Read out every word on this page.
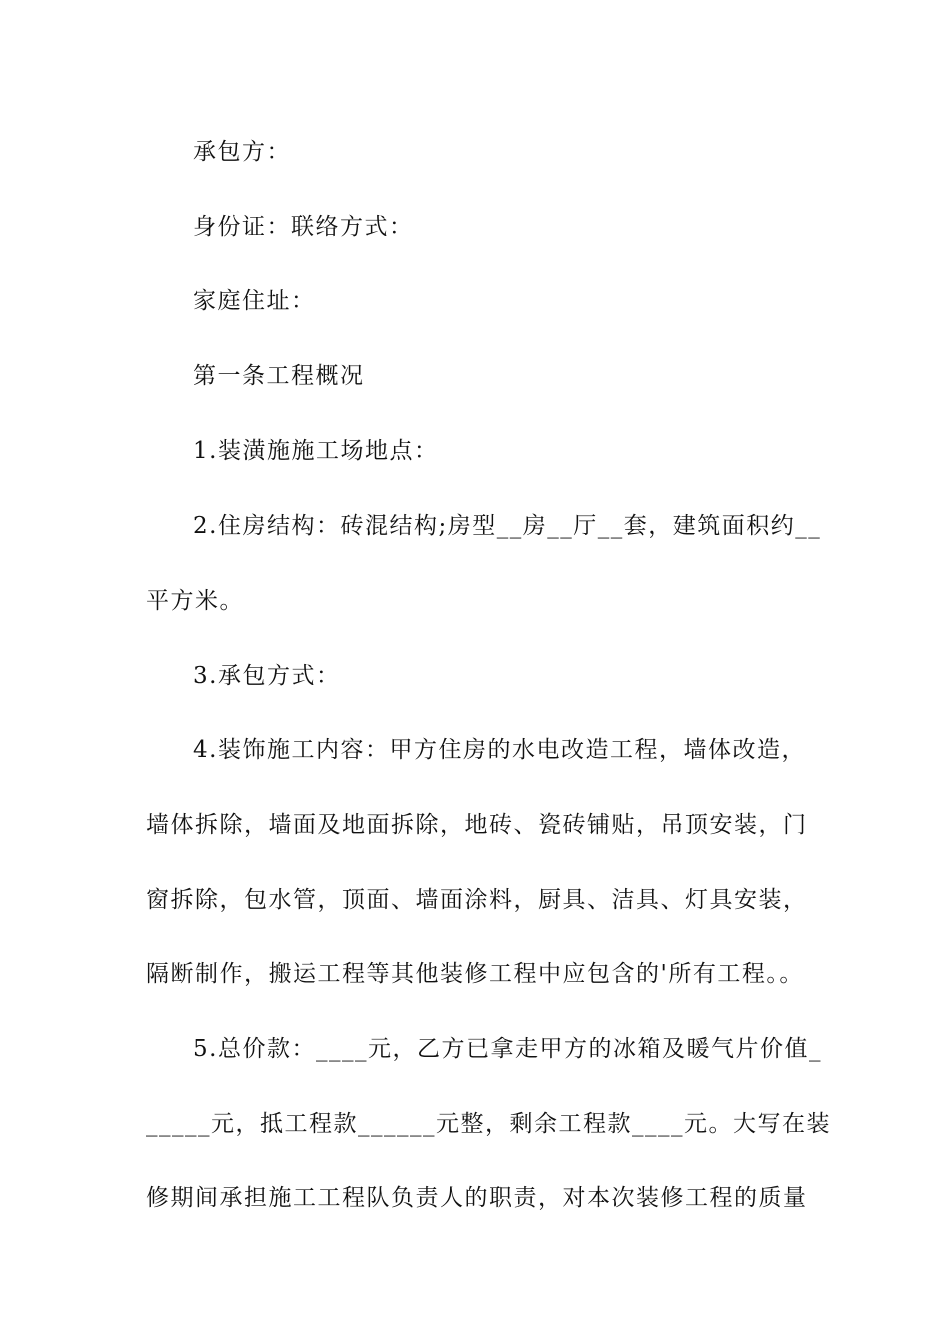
承包方：
身份证：联络方式：
家庭住址：
第一条工程概况
1.装潢施施工场地点：
2.住房结构：砖混结构;房型__房__厅__套，建筑面积约__
平方米。
3.承包方式：
4.装饰施工内容：甲方住房的水电改造工程，墙体改造，
墙体拆除，墙面及地面拆除，地砖、瓷砖铺贴，吊顶安装，门
窗拆除，包水管，顶面、墙面涂料，厨具、洁具、灯具安装，
隔断制作，搬运工程等其他装修工程中应包含的'所有工程。。
5.总价款：____元，乙方已拿走甲方的冰箱及暖气片价值_
_____元，抵工程款______元整，剩余工程款____元。大写在装
修期间承担施工工程队负责人的职责，对本次装修工程的质量
